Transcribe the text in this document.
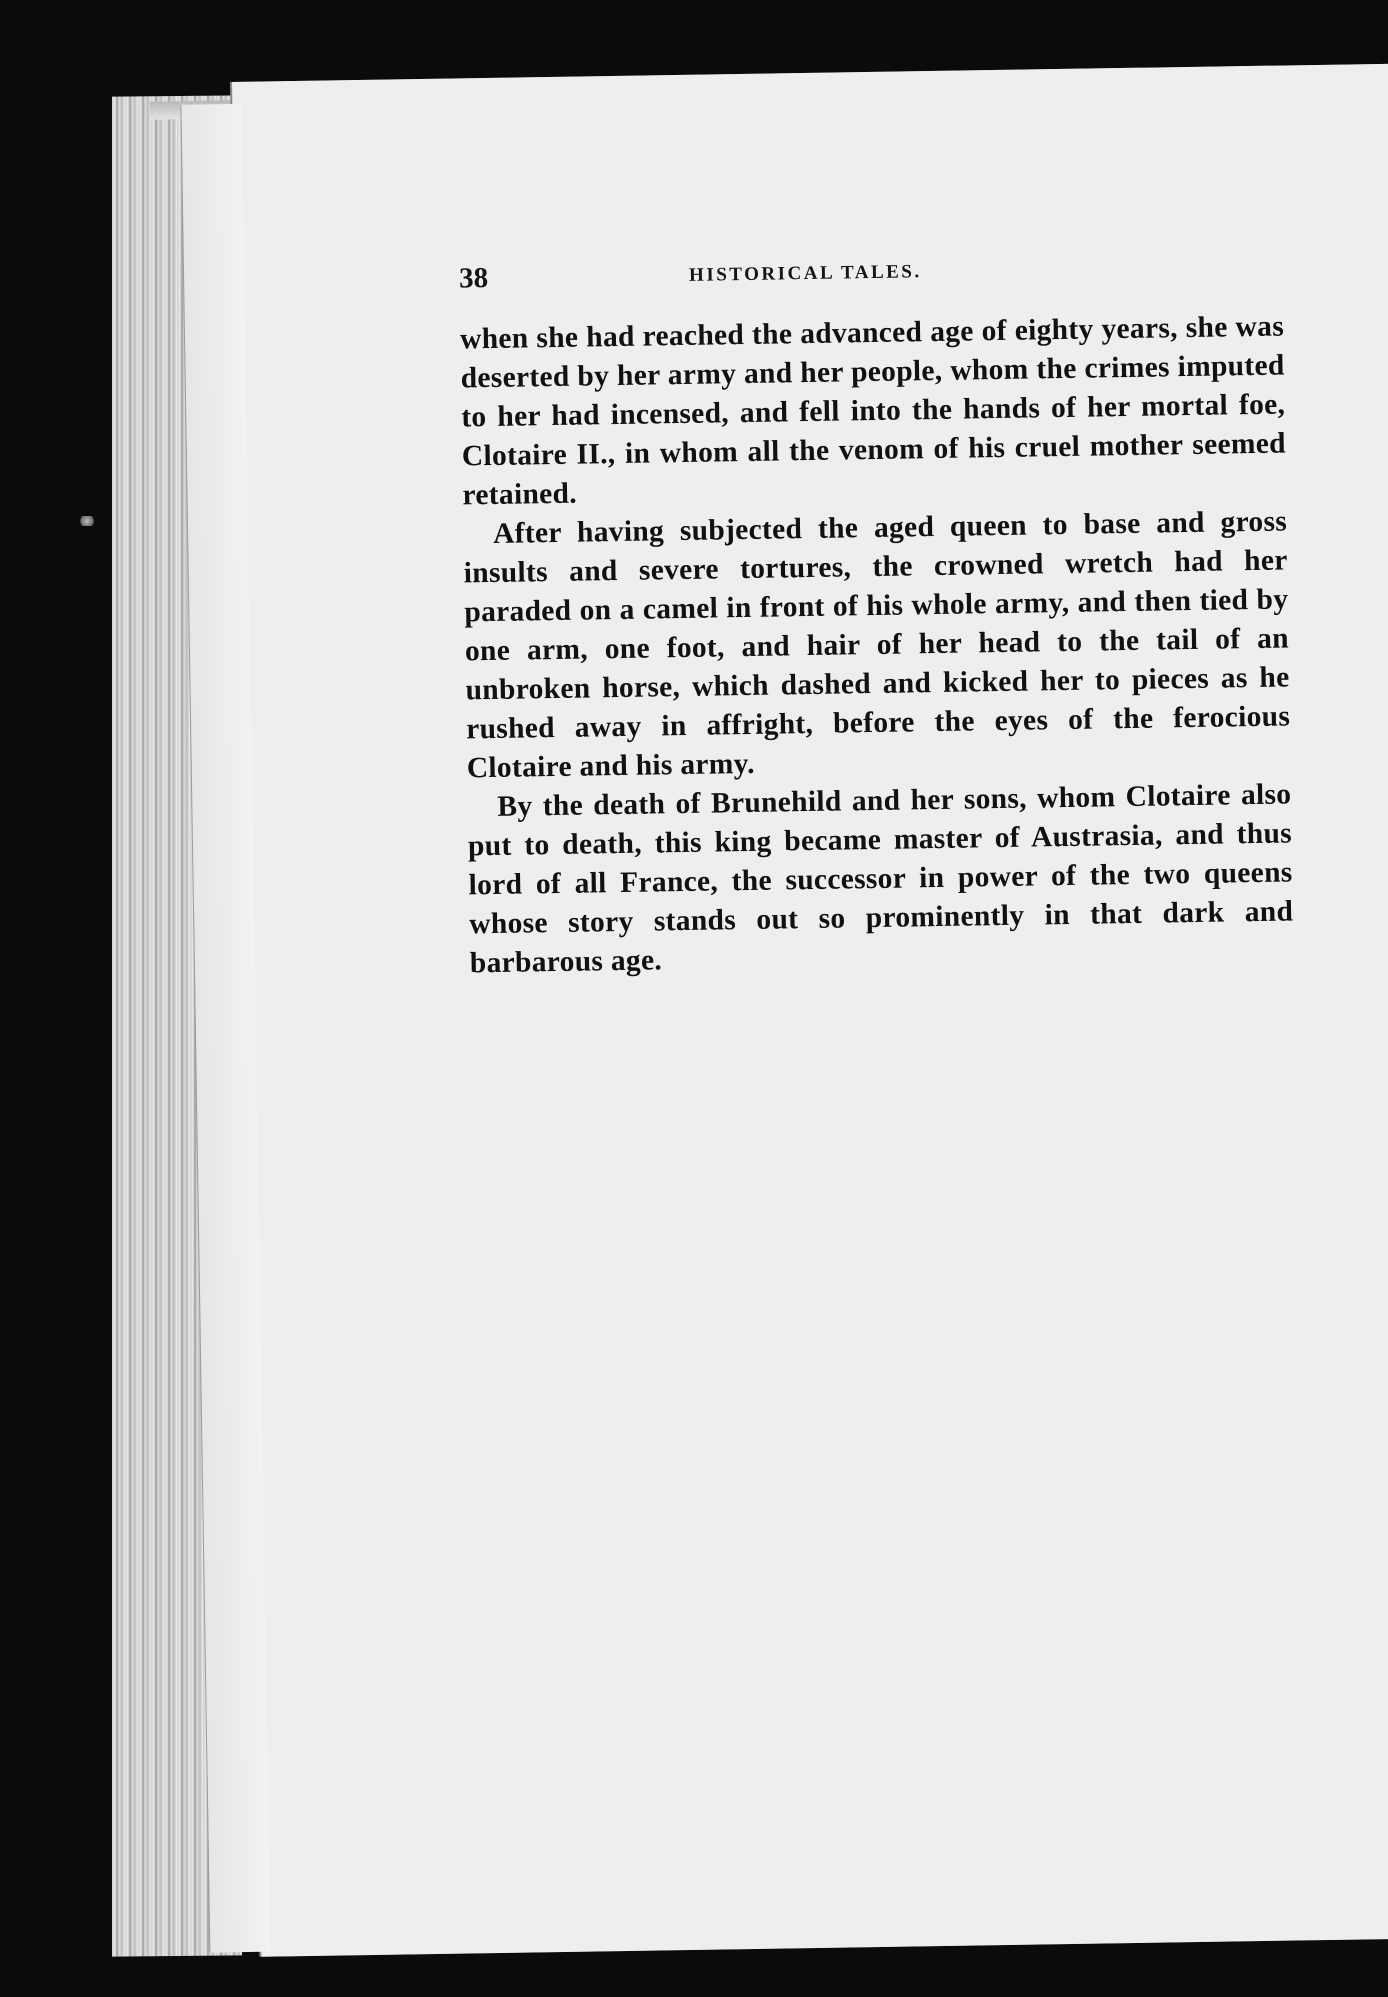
38	HISTORICAL TALES.

when she had reached the advanced age of eighty years, she was deserted by her army and her people, whom the crimes imputed to her had incensed, and fell into the hands of her mortal foe, Clotaire II., in whom all the venom of his cruel mother seemed retained.

After having subjected the aged queen to base and gross insults and severe tortures, the crowned wretch had her paraded on a camel in front of his whole army, and then tied by one arm, one foot, and hair of her head to the tail of an unbroken horse, which dashed and kicked her to pieces as he rushed away in affright, before the eyes of the ferocious Clotaire and his army.

By the death of Brunehild and her sons, whom Clotaire also put to death, this king became master of Austrasia, and thus lord of all France, the successor in power of the two queens whose story stands out so prominently in that dark and barbarous age.
